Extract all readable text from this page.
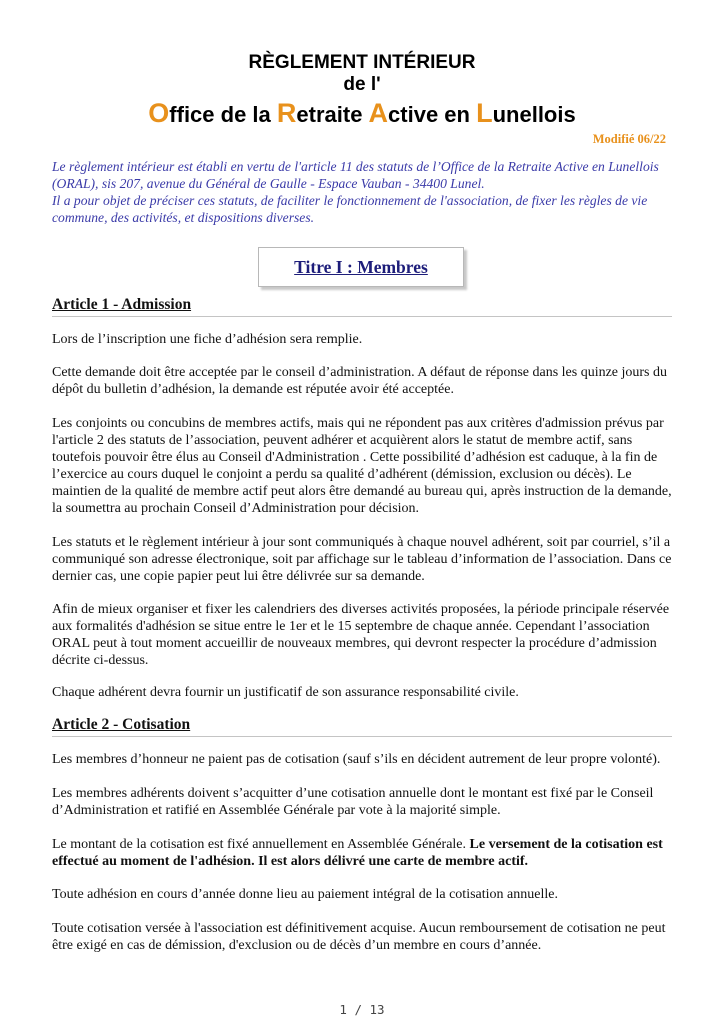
RÈGLEMENT INTÉRIEUR
de l'
Office de la Retraite Active en Lunellois
Modifié 06/22

Le règlement intérieur est établi en vertu de l'article 11 des statuts de l’Office de la Retraite Active en Lunellois (ORAL), sis 207, avenue du Général de Gaulle - Espace Vauban - 34400 Lunel.

Il a pour objet de préciser ces statuts, de faciliter le fonctionnement de l'association, de fixer les règles de vie commune, des activités, et dispositions diverses.

Titre I : Membres
Article 1 - Admission

Lors de l’inscription une fiche d’adhésion sera remplie.

Cette demande doit être acceptée par le conseil d’administration. A défaut de réponse dans les quinze jours du dépôt du bulletin d’adhésion, la demande est réputée avoir été acceptée.

Les conjoints ou concubins de membres actifs, mais qui ne répondent pas aux critères d'admission prévus par l'article 2 des statuts de l’association, peuvent adhérer et acquièrent alors le statut de membre actif, sans toutefois pouvoir être élus au Conseil d'Administration . Cette possibilité d’adhésion est caduque, à la fin de l’exercice au cours duquel le conjoint a perdu sa qualité d’adhérent (démission, exclusion ou décès). Le maintien de la qualité de membre actif peut alors être demandé au bureau qui, après instruction de la demande, la soumettra au prochain Conseil d’Administration pour décision.

Les statuts et le règlement intérieur à jour sont communiqués à chaque nouvel adhérent, soit par courriel, s’il a communiqué son adresse électronique, soit par affichage sur le tableau d’information de l’association. Dans ce dernier cas, une copie papier peut lui être délivrée sur sa demande.

Afin de mieux organiser et fixer les calendriers des diverses activités proposées, la période principale réservée aux formalités d'adhésion se situe entre le 1er et le 15 septembre de chaque année. Cependant l’association ORAL peut à tout moment accueillir de nouveaux membres, qui devront respecter la procédure d’admission décrite ci-dessus.

Chaque adhérent devra fournir un justificatif de son assurance responsabilité civile.

Article 2 - Cotisation

Les membres d’honneur ne paient pas de cotisation (sauf s’ils en décident autrement de leur propre volonté).

Les membres adhérents doivent s’acquitter d’une cotisation annuelle dont le montant est fixé par le Conseil d’Administration et ratifié en Assemblée Générale par vote à la majorité simple.

Le montant de la cotisation est fixé annuellement en Assemblée Générale. Le versement de la cotisation est effectué au moment de l'adhésion. Il est alors délivré une carte de membre actif.

Toute adhésion en cours d’année donne lieu au paiement intégral de la cotisation annuelle.

Toute cotisation versée à l'association est définitivement acquise. Aucun remboursement de cotisation ne peut être exigé en cas de démission, d'exclusion ou de décès d’un membre en cours d’année.

1 / 13
